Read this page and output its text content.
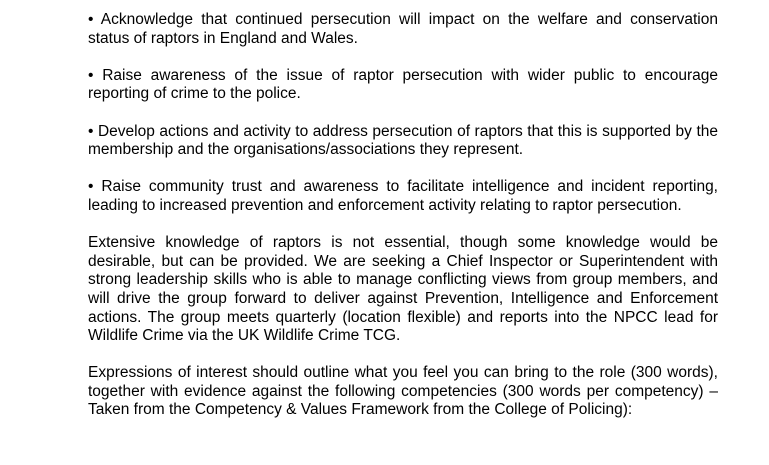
• Acknowledge that continued persecution will impact on the welfare and conservation status of raptors in England and Wales.

• Raise awareness of the issue of raptor persecution with wider public to encourage reporting of crime to the police.

• Develop actions and activity to address persecution of raptors that this is supported by the membership and the organisations/associations they represent.

• Raise community trust and awareness to facilitate intelligence and incident reporting, leading to increased prevention and enforcement activity relating to raptor persecution.

Extensive knowledge of raptors is not essential, though some knowledge would be desirable, but can be provided. We are seeking a Chief Inspector or Superintendent with strong leadership skills who is able to manage conflicting views from group members, and will drive the group forward to deliver against Prevention, Intelligence and Enforcement actions. The group meets quarterly (location flexible) and reports into the NPCC lead for Wildlife Crime via the UK Wildlife Crime TCG.

Expressions of interest should outline what you feel you can bring to the role (300 words), together with evidence against the following competencies (300 words per competency) – Taken from the Competency & Values Framework from the College of Policing):
